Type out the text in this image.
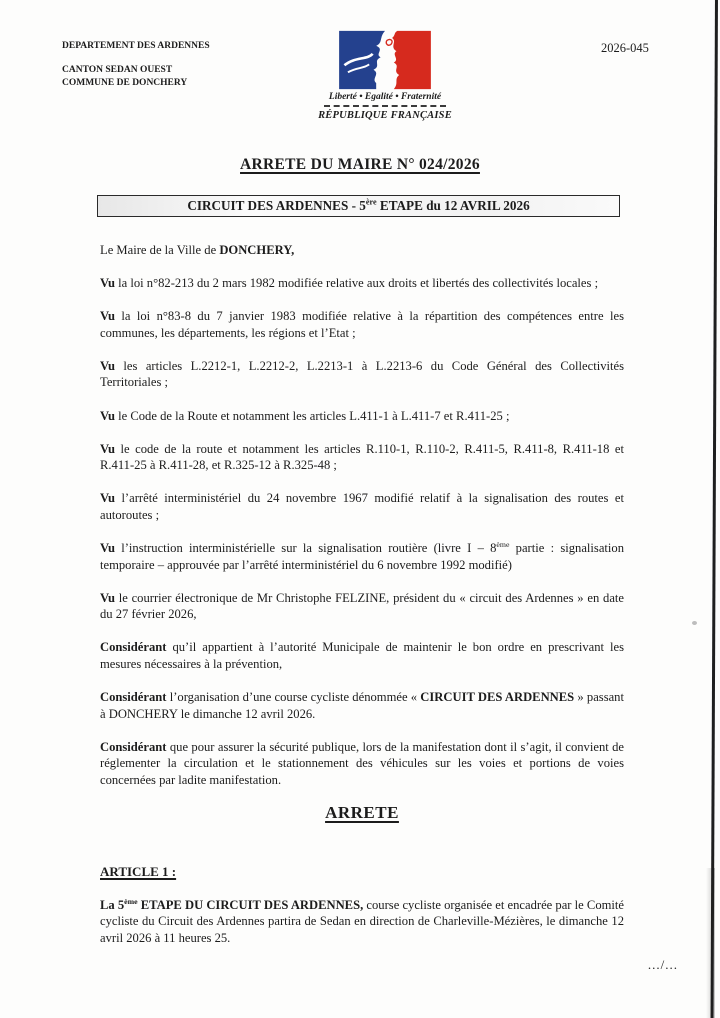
DEPARTEMENT DES ARDENNES
CANTON SEDAN OUEST
COMMUNE DE DONCHERY
Liberté • Egalité • Fraternité
RÉPUBLIQUE FRANÇAISE
2026-045
ARRETE DU MAIRE N° 024/2026
CIRCUIT DES ARDENNES - 5ère ETAPE du 12 AVRIL 2026

Le Maire de la Ville de DONCHERY,

Vu la loi n°82-213 du 2 mars 1982 modifiée relative aux droits et libertés des collectivités locales ;

Vu la loi n°83-8 du 7 janvier 1983 modifiée relative à la répartition des compétences entre les communes, les départements, les régions et l’Etat ;

Vu les articles L.2212-1, L.2212-2, L.2213-1 à L.2213-6 du Code Général des Collectivités Territoriales ;

Vu le Code de la Route et notamment les articles L.411-1 à L.411-7 et R.411-25 ;

Vu le code de la route et notamment les articles R.110-1, R.110-2, R.411-5, R.411-8, R.411-18 et R.411-25 à R.411-28, et R.325-12 à R.325-48 ;

Vu l’arrêté interministériel du 24 novembre 1967 modifié relatif à la signalisation des routes et autoroutes ;

Vu l’instruction interministérielle sur la signalisation routière (livre I – 8ème partie : signalisation temporaire – approuvée par l’arrêté interministériel du 6 novembre 1992 modifié)

Vu le courrier électronique de Mr Christophe FELZINE, président du « circuit des Ardennes » en date du 27 février 2026,

Considérant qu’il appartient à l’autorité Municipale de maintenir le bon ordre en prescrivant les mesures nécessaires à la prévention,

Considérant l’organisation d’une course cycliste dénommée « CIRCUIT DES ARDENNES » passant à DONCHERY le dimanche 12 avril 2026.

Considérant que pour assurer la sécurité publique, lors de la manifestation dont il s’agit, il convient de réglementer la circulation et le stationnement des véhicules sur les voies et portions de voies concernées par ladite manifestation.

ARRETE

ARTICLE 1 :

La 5ème ETAPE DU CIRCUIT DES ARDENNES, course cycliste organisée et encadrée par le Comité cycliste du Circuit des Ardennes partira de Sedan en direction de Charleville-Mézières, le dimanche 12 avril 2026 à 11 heures 25.

.../...
